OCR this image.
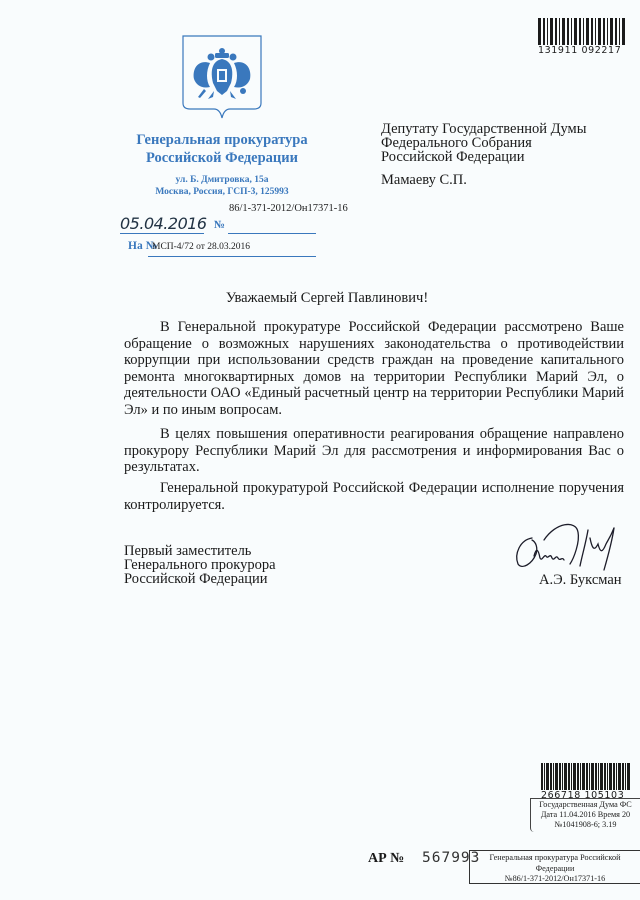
Генеральная прокуратура
Российской Федерации
ул. Б. Дмитровка, 15а
Москва, Россия, ГСП-3, 125993
86/1-371-2012/Он17371-16
05.04.2016 №
На №
МСП-4/72 от 28.03.2016
131911 092217
Депутату Государственной Думы
Федерального Собрания
Российской Федерации
Мамаеву С.П.
Уважаемый Сергей Павлинович!

В Генеральной прокуратуре Российской Федерации рассмотрено Ваше обращение о возможных нарушениях законодательства о противодействии коррупции при использовании средств граждан на проведение капитального ремонта многоквартирных домов на территории Республики Марий Эл, о деятельности ОАО «Единый расчетный центр на территории Республики Марий Эл» и по иным вопросам.

В целях повышения оперативности реагирования обращение направлено прокурору Республики Марий Эл для рассмотрения и информирования Вас о результатах.

Генеральной прокуратурой Российской Федерации исполнение поручения контролируется.

Первый заместитель
Генерального прокурора
Российской Федерации	А.Э. Буксман
266718 105103
Государственная Дума ФС
Дата 11.04.2016 Время 20
№1041908-6; 3.19
АР № 567993	Генеральная прокуратура Российской
Федерации
№86/1-371-2012/Он17371-16
